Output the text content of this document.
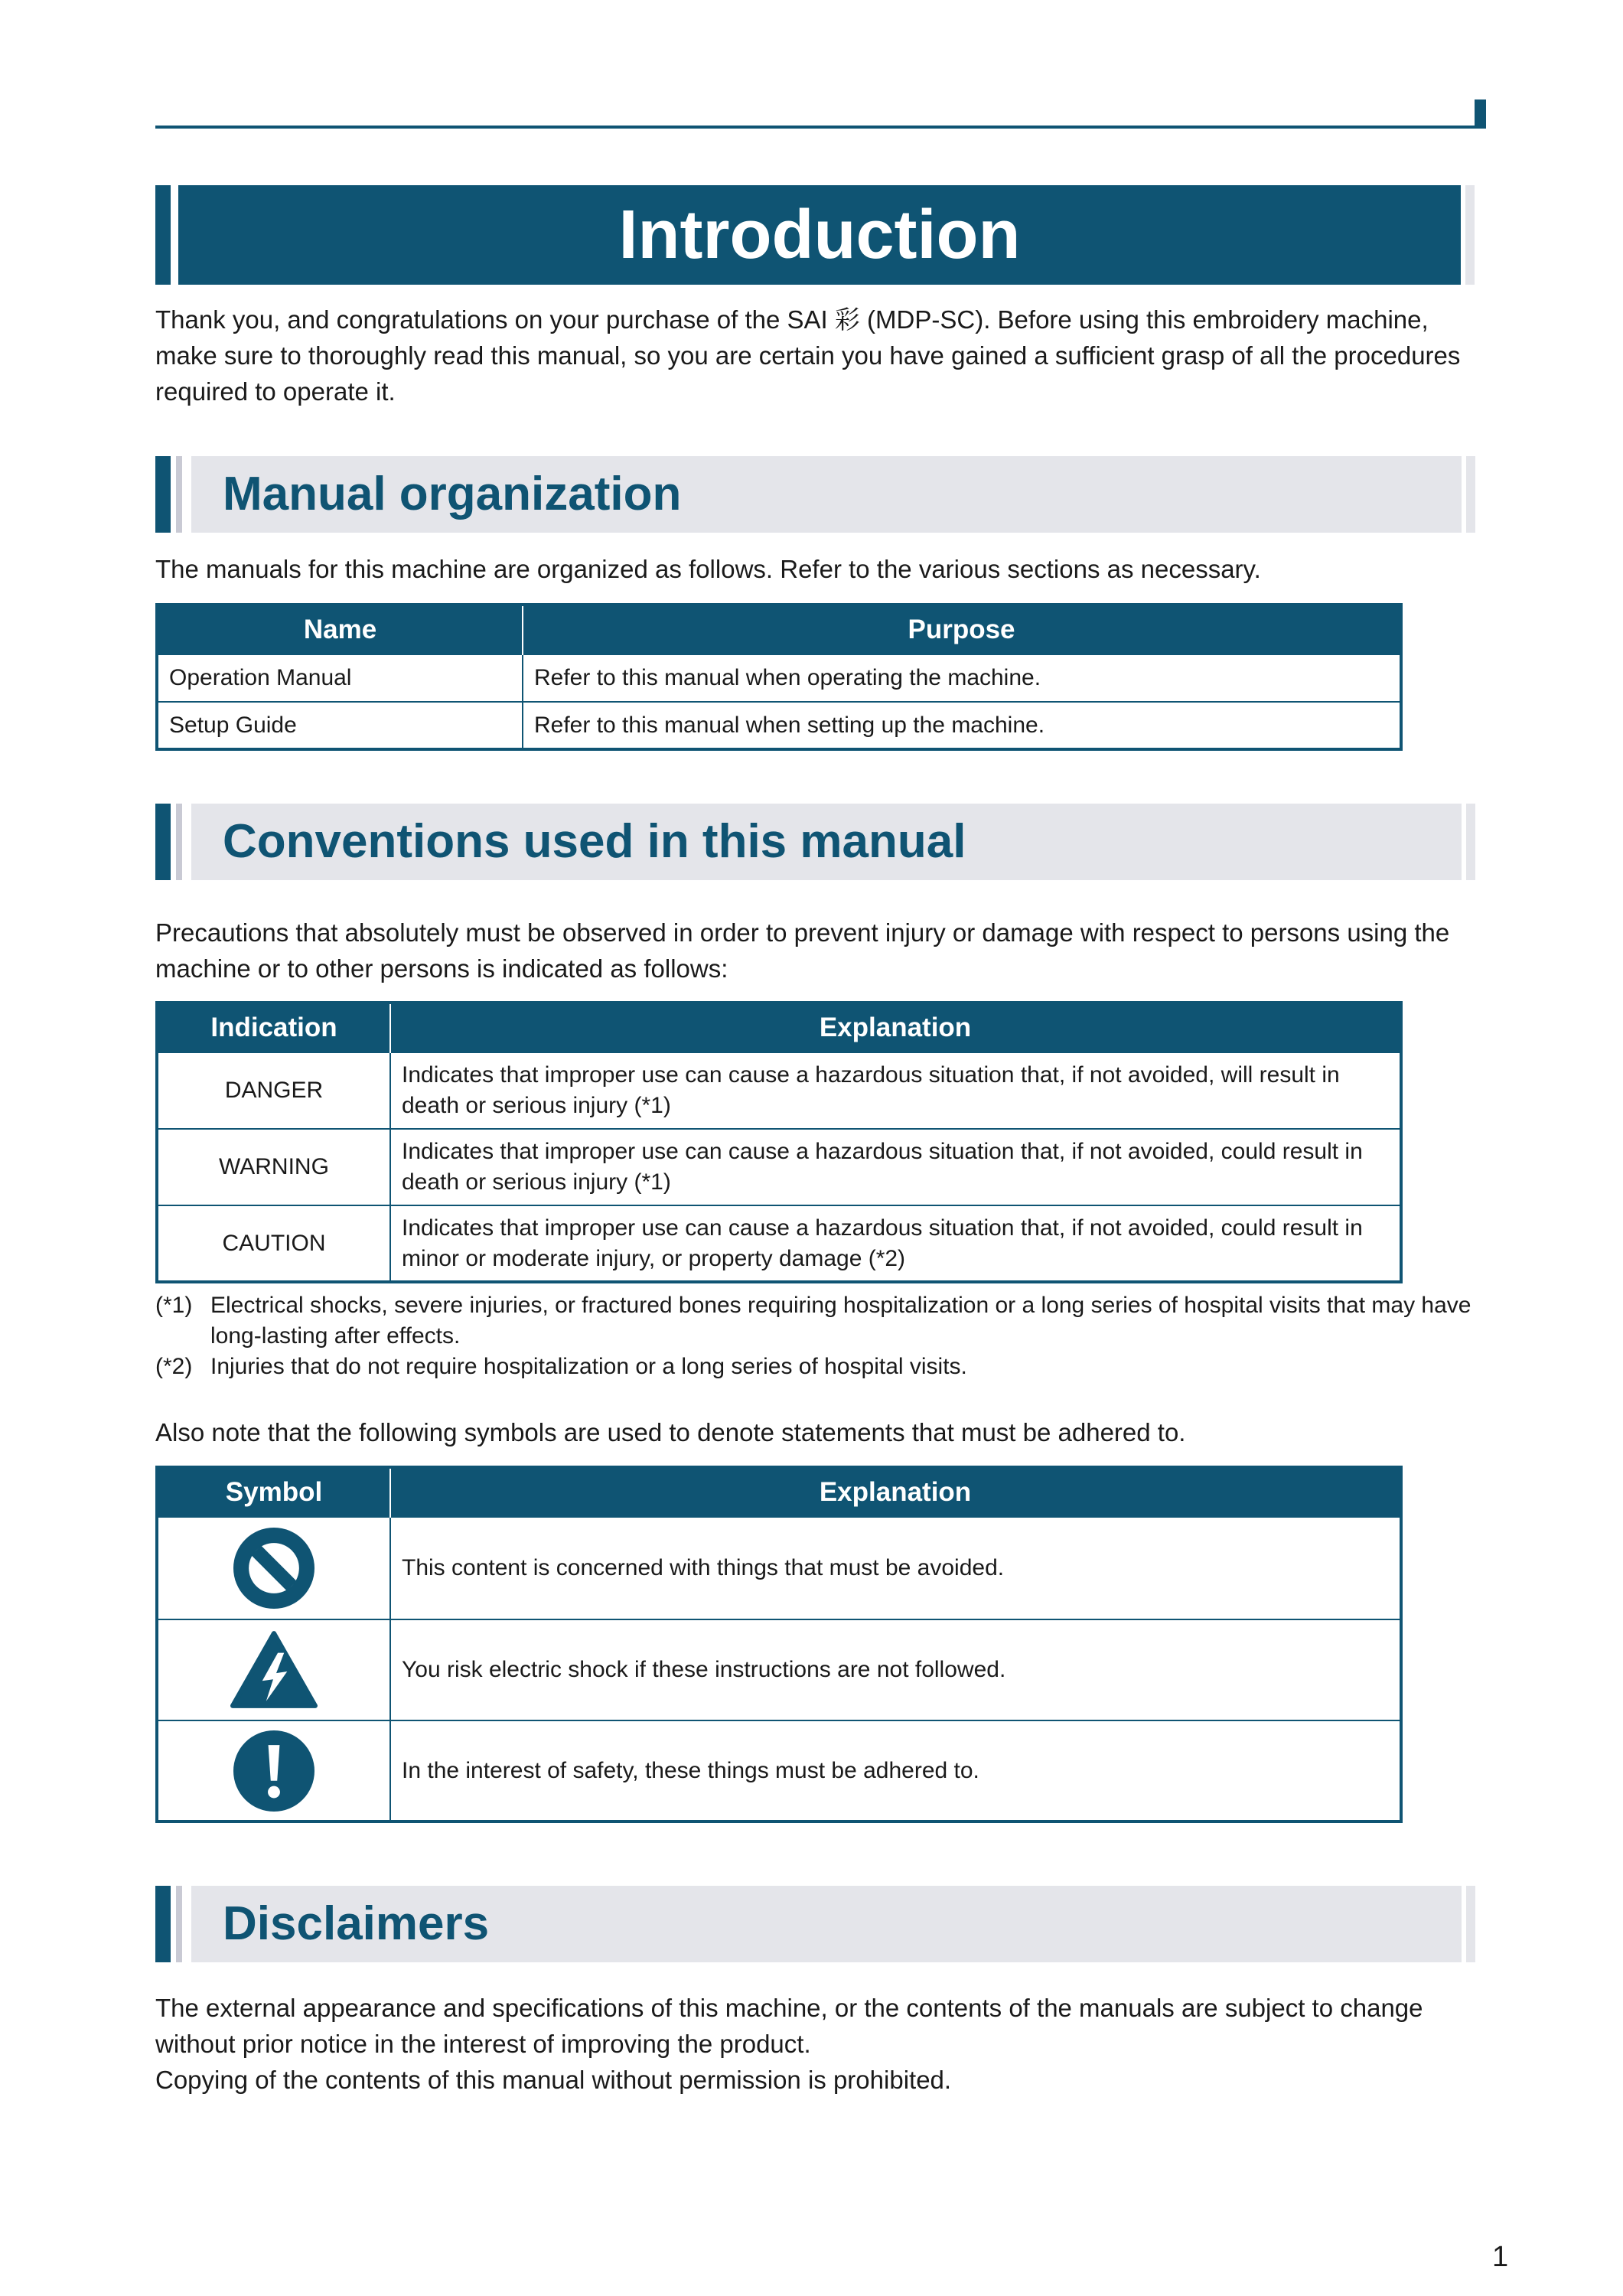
Introduction

Thank you, and congratulations on your purchase of the SAI 彩 (MDP-SC). Before using this embroidery machine, make sure to thoroughly read this manual, so you are certain you have gained a sufficient grasp of all the procedures required to operate it.

Manual organization

The manuals for this machine are organized as follows. Refer to the various sections as necessary.

Name	Purpose
Operation Manual	Refer to this manual when operating the machine.
Setup Guide	Refer to this manual when setting up the machine.
Conventions used in this manual

Precautions that absolutely must be observed in order to prevent injury or damage with respect to persons using the machine or to other persons is indicated as follows:

Indication	Explanation
DANGER	Indicates that improper use can cause a hazardous situation that, if not avoided, will result in death or serious injury (*1)
WARNING	Indicates that improper use can cause a hazardous situation that, if not avoided, could result in death or serious injury (*1)
CAUTION	Indicates that improper use can cause a hazardous situation that, if not avoided, could result in minor or moderate injury, or property damage (*2)
(*1) Electrical shocks, severe injuries, or fractured bones requiring hospitalization or a long series of hospital visits that may have long-lasting after effects.
(*2) Injuries that do not require hospitalization or a long series of hospital visits.

Also note that the following symbols are used to denote statements that must be adhered to.

Symbol	Explanation

	This content is concerned with things that must be avoided.

	You risk electric shock if these instructions are not followed.

	In the interest of safety, these things must be adhered to.
Disclaimers

The external appearance and specifications of this machine, or the contents of the manuals are subject to change without prior notice in the interest of improving the product.

Copying of the contents of this manual without permission is prohibited.

1
